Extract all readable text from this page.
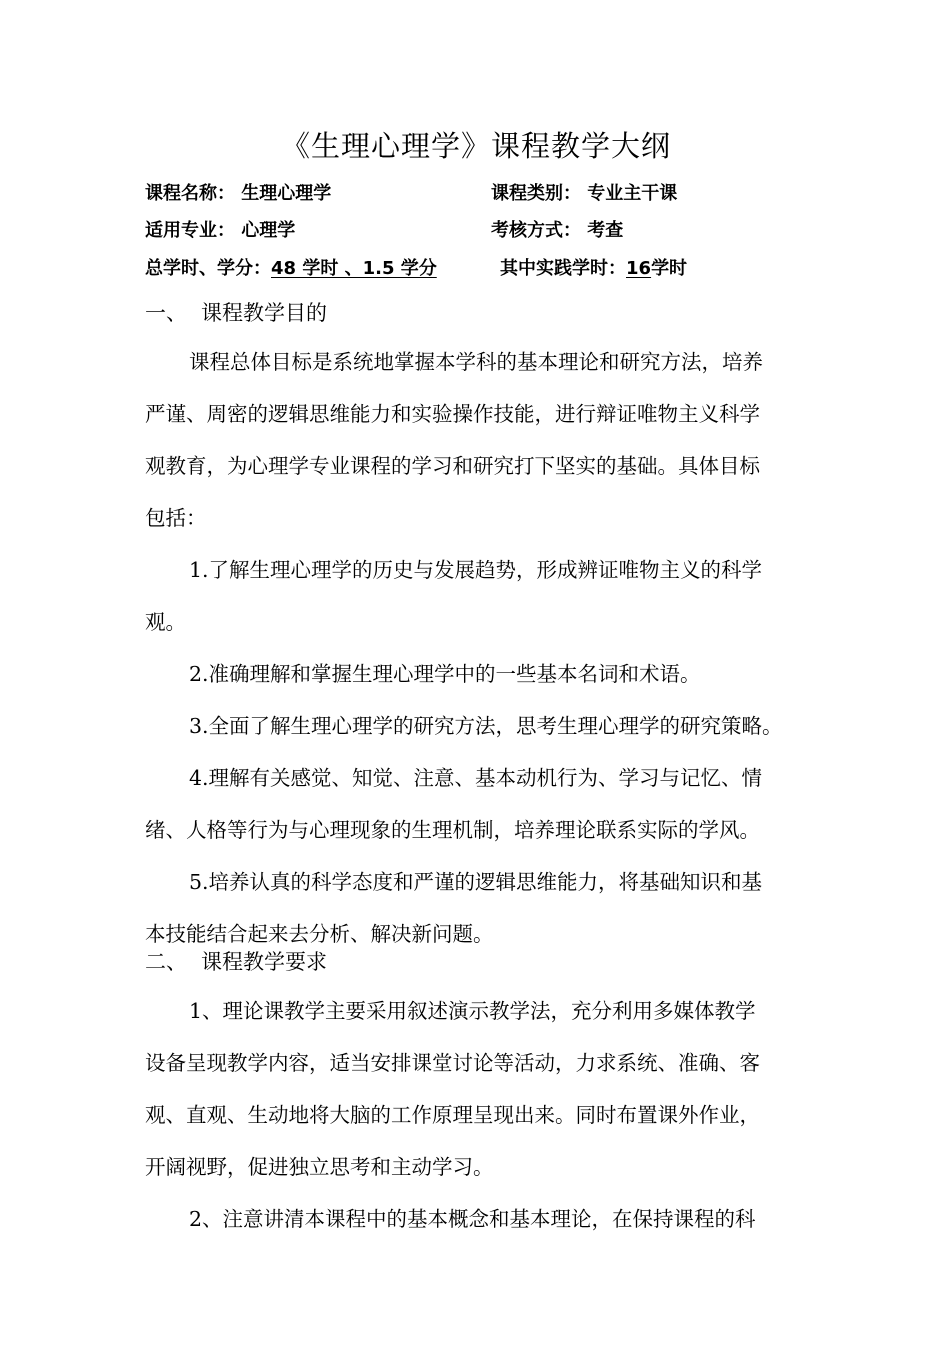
《生理心理学》课程教学大纲
课程名称： 生理心理学	课程类别： 专业主干课
适用专业： 心理学	考核方式： 考查
总学时、学分：48 学时 、1.5 学分	其中实践学时：16学时
一、 课程教学目的
课程总体目标是系统地掌握本学科的基本理论和研究方法，培养
严谨、周密的逻辑思维能力和实验操作技能，进行辩证唯物主义科学
观教育，为心理学专业课程的学习和研究打下坚实的基础。具体目标
包括：
1.了解生理心理学的历史与发展趋势，形成辨证唯物主义的科学
观。
2.准确理解和掌握生理心理学中的一些基本名词和术语。
3.全面了解生理心理学的研究方法，思考生理心理学的研究策略。
4.理解有关感觉、知觉、注意、基本动机行为、学习与记忆、情
绪、人格等行为与心理现象的生理机制，培养理论联系实际的学风。
5.培养认真的科学态度和严谨的逻辑思维能力，将基础知识和基
本技能结合起来去分析、解决新问题。
二、 课程教学要求
1、理论课教学主要采用叙述演示教学法，充分利用多媒体教学
设备呈现教学内容，适当安排课堂讨论等活动，力求系统、准确、客
观、直观、生动地将大脑的工作原理呈现出来。同时布置课外作业，
开阔视野，促进独立思考和主动学习。
2、注意讲清本课程中的基本概念和基本理论，在保持课程的科
